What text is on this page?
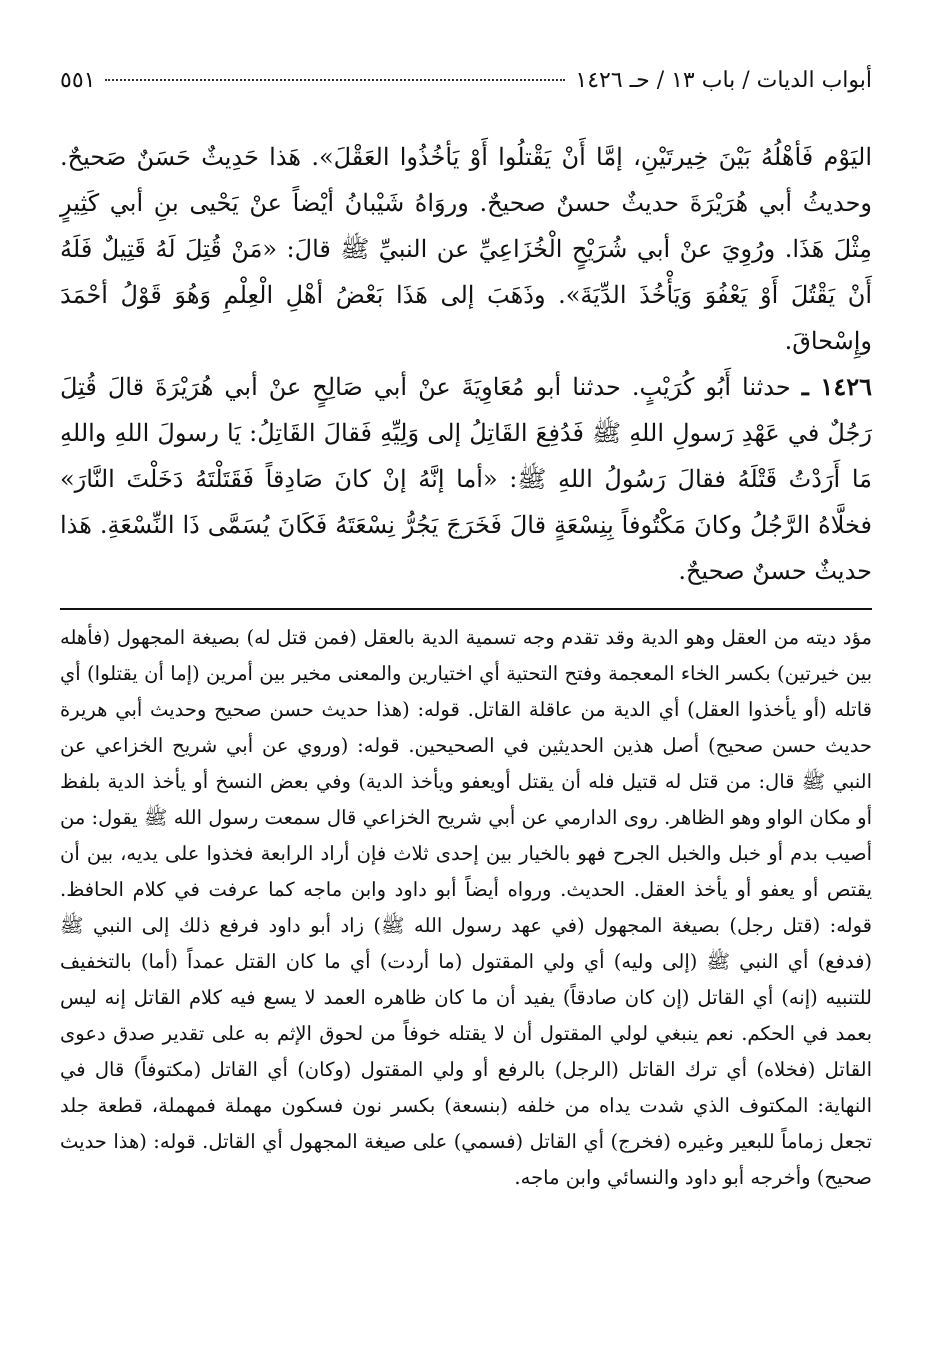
أبواب الديات / باب ١٣ / حـ ١٤٢٦
٥٥١

اليَوْم فَأهْلُهُ بَيْنَ خِيرتَيْنِ، إمَّا أَنْ يَقْتلُوا أَوْ يَأخُذُوا العَقْلَ». هَذا حَدِيثٌ حَسَنٌ صَحيحٌ. وحديثُ أبي هُرَيْرَةَ حديثٌ حسنٌ صحيحٌ. وروَاهُ شَيْبانُ أيْضاً عنْ يَحْيى بنِ أبي كَثِيرٍ مِثْلَ هَذَا. ورُوِيَ عنْ أبي شُرَيْحٍ الْخُزَاعِيِّ عن النبيِّ ﷺ قالَ: «مَنْ قُتِلَ لَهُ قَتِيلٌ فَلَهُ أَنْ يَقْتُلَ أَوْ يَعْفُوَ وَيَأْخُذَ الدِّيَةَ». وذَهَبَ إلى هَذَا بَعْضُ أهْلِ الْعِلْمِ وَهُوَ قَوْلُ أحْمَدَ وإِسْحاقَ.

١٤٢٦ ـ حدثنا أَبُو كُرَيْبٍ. حدثنا أبو مُعَاوِيَةَ عنْ أبي صَالِحٍ عنْ أبي هُرَيْرَةَ قالَ قُتِلَ رَجُلٌ في عَهْدِ رَسولِ اللهِ ﷺ فَدُفِعَ القَاتِلُ إلى وَلِيِّهِ فَقالَ القَاتِلُ: يَا رسولَ اللهِ واللهِ مَا أَرَدْتُ قَتْلَهُ فقالَ رَسُولُ اللهِ ﷺ: «أما إنَّهُ إنْ كانَ صَادِقاً فَقَتَلْتَهُ دَخَلْتَ النَّارَ» فخلَّاهُ الرَّجُلُ وكانَ مَكْتُوفاً بِنِسْعَةٍ قالَ فَخَرَجَ يَجُرُّ نِسْعَتَهُ فَكَانَ يُسَمَّى ذَا النِّسْعَةِ. هَذا حديثٌ حسنٌ صحيحٌ.

مؤد ديته من العقل وهو الدية وقد تقدم وجه تسمية الدية بالعقل (فمن قتل له) بصيغة المجهول (فأهله بين خيرتين) بكسر الخاء المعجمة وفتح التحتية أي اختيارين والمعنى مخير بين أمرين (إما أن يقتلوا) أي قاتله (أو يأخذوا العقل) أي الدية من عاقلة القاتل. قوله: (هذا حديث حسن صحيح وحديث أبي هريرة حديث حسن صحيح) أصل هذين الحديثين في الصحيحين. قوله: (وروي عن أبي شريح الخزاعي عن النبي ﷺ قال: من قتل له قتيل فله أن يقتل أويعفو ويأخذ الدية) وفي بعض النسخ أو يأخذ الدية بلفظ أو مكان الواو وهو الظاهر. روى الدارمي عن أبي شريح الخزاعي قال سمعت رسول الله ﷺ يقول: من أصيب بدم أو خبل والخبل الجرح فهو بالخيار بين إحدى ثلاث فإن أراد الرابعة فخذوا على يديه، بين أن يقتص أو يعفو أو يأخذ العقل. الحديث. ورواه أيضاً أبو داود وابن ماجه كما عرفت في كلام الحافظ. قوله: (قتل رجل) بصيغة المجهول (في عهد رسول الله ﷺ) زاد أبو داود فرفع ذلك إلى النبي ﷺ (فدفع) أي النبي ﷺ (إلى وليه) أي ولي المقتول (ما أردت) أي ما كان القتل عمداً (أما) بالتخفيف للتنبيه (إنه) أي القاتل (إن كان صادقاً) يفيد أن ما كان ظاهره العمد لا يسع فيه كلام القاتل إنه ليس بعمد في الحكم. نعم ينبغي لولي المقتول أن لا يقتله خوفاً من لحوق الإثم به على تقدير صدق دعوى القاتل (فخلاه) أي ترك القاتل (الرجل) بالرفع أو ولي المقتول (وكان) أي القاتل (مكتوفاً) قال في النهاية: المكتوف الذي شدت يداه من خلفه (بنسعة) بكسر نون فسكون مهملة فمهملة، قطعة جلد تجعل زماماً للبعير وغيره (فخرج) أي القاتل (فسمي) على صيغة المجهول أي القاتل. قوله: (هذا حديث صحيح) وأخرجه أبو داود والنسائي وابن ماجه.
